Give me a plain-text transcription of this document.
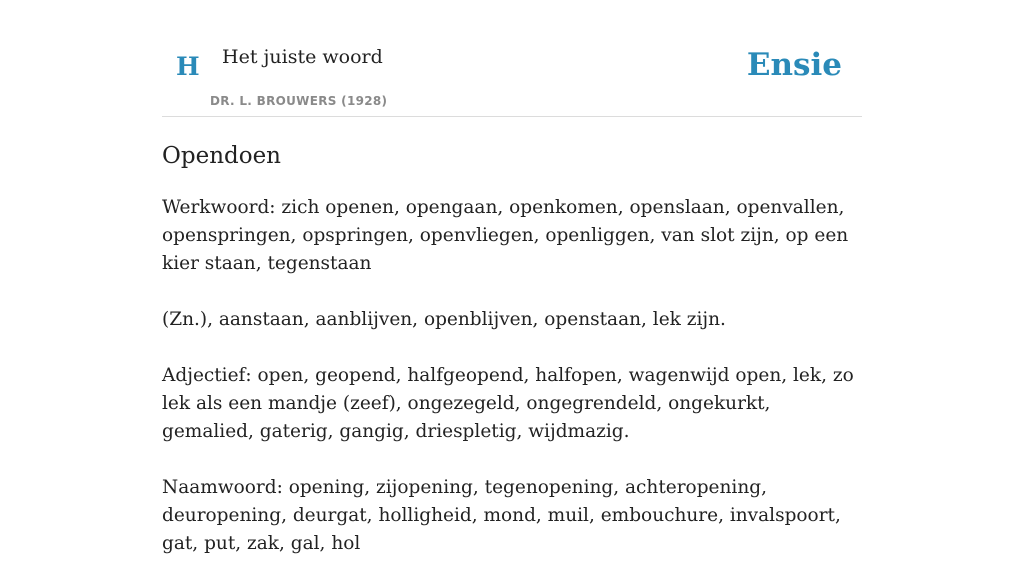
H Het juiste woord
DR. L. BROUWERS (1928)
Ensie
Opendoen

Werkwoord: zich openen, opengaan, openkomen, openslaan, openvallen, openspringen, opspringen, openvliegen, openliggen, van slot zijn, op een kier staan, tegenstaan

(Zn.), aanstaan, aanblijven, openblijven, openstaan, lek zijn.

Adjectief: open, geopend, halfgeopend, halfopen, wagenwijd open, lek, zo lek als een mandje (zeef), ongezegeld, ongegrendeld, ongekurkt, gemalied, gaterig, gangig, driespletig, wijdmazig.

Naamwoord: opening, zijopening, tegenopening, achteropening, deuropening, deurgat, holligheid, mond, muil, embouchure, invalspoort, gat, put, zak, gal, hol
